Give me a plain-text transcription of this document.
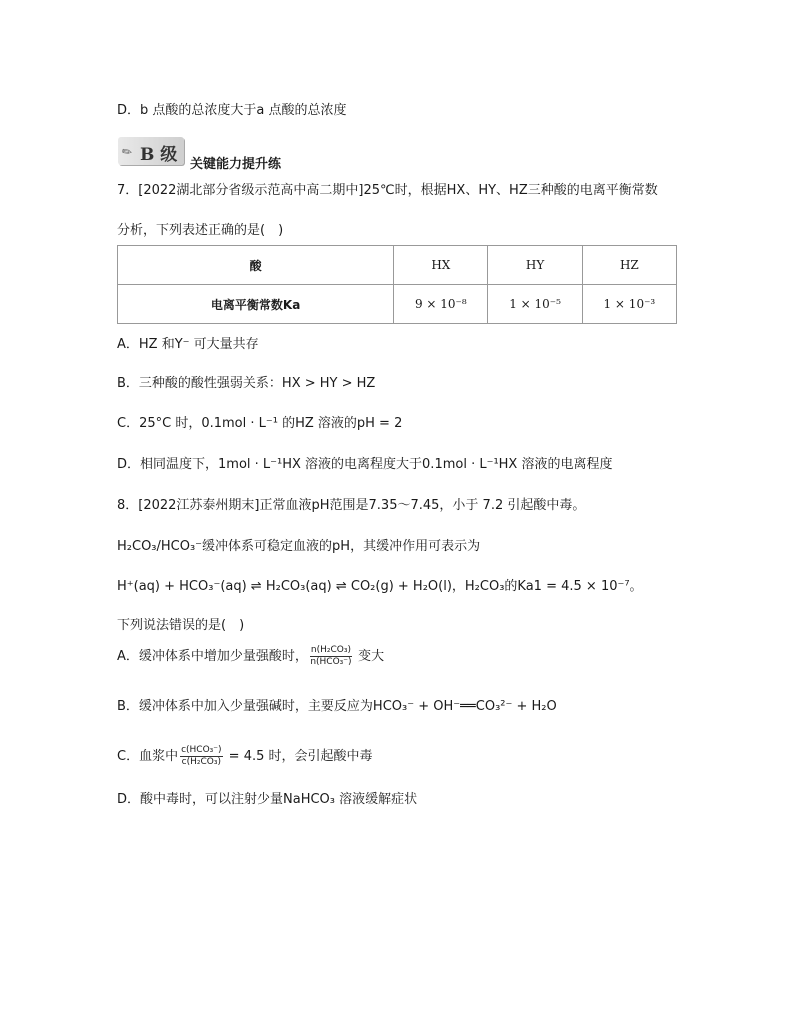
D．b 点酸的总浓度大于a 点酸的总浓度
✎ B 级 关键能力提升练
7．[2022湖北部分省级示范高中高二期中]25℃时，根据HX、HY、HZ三种酸的电离平衡常数
分析，下列表述正确的是(　)
酸	HX	HY	HZ
电离平衡常数Ka	9 × 10⁻⁸	1 × 10⁻⁵	1 × 10⁻³
A．HZ 和Y⁻ 可大量共存
B．三种酸的酸性强弱关系：HX > HY > HZ
C．25°C 时，0.1mol · L⁻¹ 的HZ 溶液的pH = 2
D．相同温度下，1mol · L⁻¹HX 溶液的电离程度大于0.1mol · L⁻¹HX 溶液的电离程度
8．[2022江苏泰州期末]正常血液pH范围是7.35～7.45，小于 7.2 引起酸中毒。
H₂CO₃/HCO₃⁻缓冲体系可稳定血液的pH，其缓冲作用可表示为
H⁺(aq) + HCO₃⁻(aq) ⇌ H₂CO₃(aq) ⇌ CO₂(g) + H₂O(l)，H₂CO₃的Ka1 = 4.5 × 10⁻⁷。
下列说法错误的是(　)
A．缓冲体系中增加少量强酸时， $\frac{\text{n(H₂CO₃)}}{\text{n(HCO₃⁻)}}$ 变大
B．缓冲体系中加入少量强碱时，主要反应为HCO₃⁻ + OH⁻══CO₃²⁻ + H₂O
C．血浆中 $\frac{\text{c(HCO₃⁻)}}{\text{c(H₂CO₃)}} = 4.5$ 时，会引起酸中毒
D．酸中毒时，可以注射少量NaHCO₃ 溶液缓解症状
